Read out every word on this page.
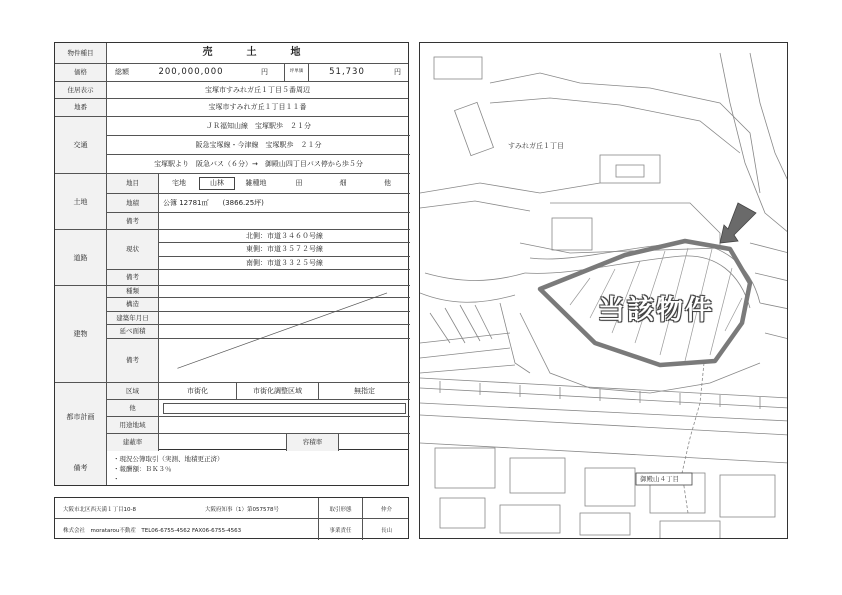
物件種目	売　土　地
価格	総額	200,000,000	円	坪単価	51,730	円
住居表示	宝塚市すみれガ丘１丁目５番周辺
地番	宝塚市すみれガ丘１丁目１１番
交通
ＪＲ福知山線　宝塚駅歩　２１分
阪急宝塚線・今津線　宝塚駅歩　２１分
宝塚駅より　阪急バス（６分）→　御殿山四丁目バス停から歩５分
土地
地目	宅地	山林	雑種地	田	畑	他
地積	公簿 12781㎡　　(3866.25坪)
備考
道路
現状
北側：市道３４６０号線
東側：市道３５７２号線
南側：市道３３２５号線
備考
建物
種類
構造
建築年月日
延べ面積
備考
都市計画
区域	市街化	市街化調整区域	無指定
他
用途地域
建蔽率	容積率
備考
・現況公簿取引（実測、地積更正済）
・報酬額：ＢＫ３％
・
大阪市北区西天満１丁目10-8	大阪府知事（1）第057578号	取引形態	仲介
株式会社　moratarou不動産　TEL06-6755-4562 FAX06-6755-4563	事業責任	長山
すみれガ丘１丁目
当該物件
御殿山４丁目
